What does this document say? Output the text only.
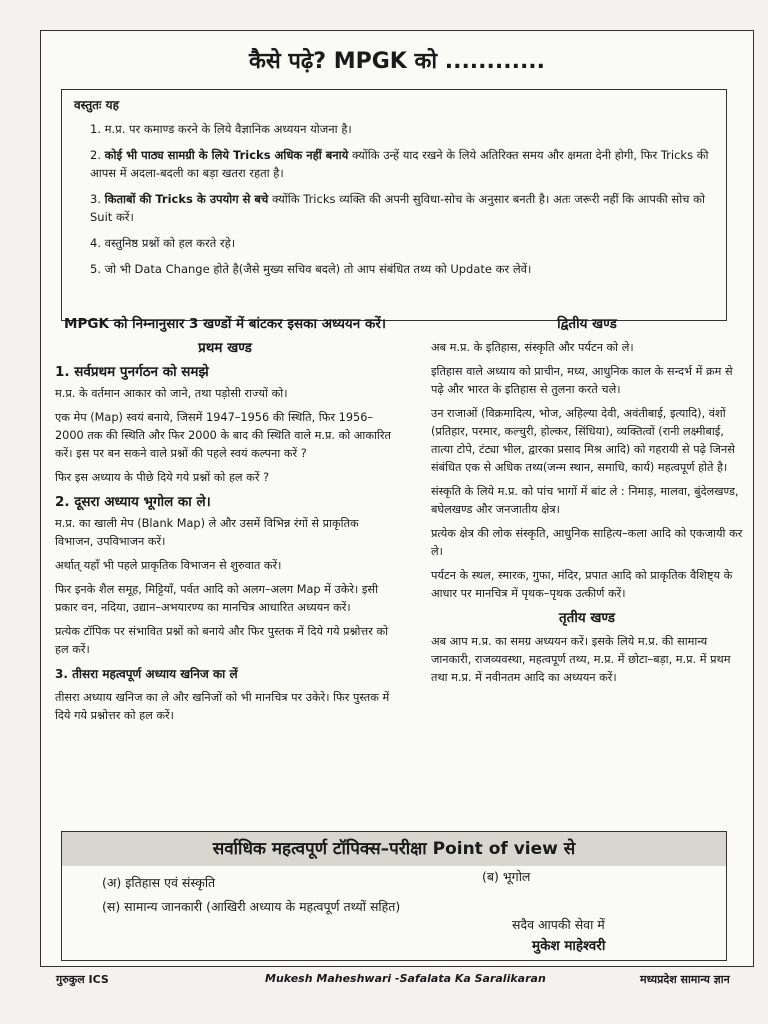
कैसे पढ़े? MPGK को ............
वस्तुतः यह
1. म.प्र. पर कमाण्ड करने के लिये वैज्ञानिक अध्ययन योजना है।
2. कोई भी पाठ्य सामग्री के लिये Tricks अधिक नहीं बनाये क्योंकि उन्हें याद रखने के लिये अतिरिक्त समय और क्षमता देनी होगी, फिर Tricks की आपस में अदला-बदली का बड़ा खतरा रहता है।
3. किताबों की Tricks के उपयोग से बचे क्योंकि Tricks व्यक्ति की अपनी सुविधा-सोच के अनुसार बनती है। अतः जरूरी नहीं कि आपकी सोच को Suit करें।
4. वस्तुनिष्ठ प्रश्नों को हल करते रहे।
5. जो भी Data Change होते है(जैसे मुख्य सचिव बदले) तो आप संबंधित तथ्य को Update कर लेवें।

MPGK को निम्नानुसार 3 खण्डों में बांटकर इसका अध्ययन करें।

प्रथम खण्ड

1. सर्वप्रथम पुनर्गठन को समझे

म.प्र. के वर्तमान आकार को जाने, तथा पड़ोसी राज्यों को।

एक मेप (Map) स्वयं बनाये, जिसमें 1947–1956 की स्थिति, फिर 1956–2000 तक की स्थिति और फिर 2000 के बाद की स्थिति वाले म.प्र. को आकारित करें। इस पर बन सकने वाले प्रश्नों की पहले स्वयं कल्पना करें ?

फिर इस अध्याय के पीछे दिये गये प्रश्नों को हल करें ?

2. दूसरा अध्याय भूगोल का ले।

म.प्र. का खाली मेप (Blank Map) ले और उसमें विभिन्न रंगों से प्राकृतिक विभाजन, उपविभाजन करें।

अर्थात् यहाँ भी पहले प्राकृतिक विभाजन से शुरुवात करें।

फिर इनके शैल समूह, मिट्टियाँ, पर्वत आदि को अलग–अलग Map में उकेरे। इसी प्रकार वन, नदिया, उद्यान–अभयारण्य का मानचित्र आधारित अध्ययन करें।

प्रत्येक टॉपिक पर संभावित प्रश्नों को बनाये और फिर पुस्तक में दिये गये प्रश्नोत्तर को हल करें।

3. तीसरा महत्वपूर्ण अध्याय खनिज का लें

तीसरा अध्याय खनिज का ले और खनिजों को भी मानचित्र पर उकेरे। फिर पुस्तक में दिये गये प्रश्नोत्तर को हल करें।

द्वितीय खण्ड

अब म.प्र. के इतिहास, संस्कृति और पर्यटन को ले।

इतिहास वाले अध्याय को प्राचीन, मध्य, आधुनिक काल के सन्दर्भ में क्रम से पढ़े और भारत के इतिहास से तुलना करते चले।

उन राजाओं (विक्रमादित्य, भोज, अहिल्या देवी, अवंतीबाई, इत्यादि), वंशों (प्रतिहार, परमार, कल्चुरी, होल्कर, सिंधिया), व्यक्तित्वों (रानी लक्ष्मीबाई, तात्या टोपे, टंट्या भील, द्वारका प्रसाद मिश्र आदि) को गहरायी से पढ़े जिनसे संबंधित एक से अधिक तथ्य(जन्म स्थान, समाधि, कार्य) महत्वपूर्ण होते है।

संस्कृति के लिये म.प्र. को पांच भागों में बांट ले : निमाड़, मालवा, बुंदेलखण्ड, बघेलखण्ड और जनजातीय क्षेत्र।

प्रत्येक क्षेत्र की लोक संस्कृति, आधुनिक साहित्य–कला आदि को एकजायी कर ले।

पर्यटन के स्थल, स्मारक, गुफा, मंदिर, प्रपात आदि को प्राकृतिक वैशिष्ट्य के आधार पर मानचित्र में पृथक–पृथक उत्कीर्ण करें।

तृतीय खण्ड

अब आप म.प्र. का समग्र अध्ययन करें। इसके लिये म.प्र. की सामान्य जानकारी, राजव्यवस्था, महत्वपूर्ण तथ्य, म.प्र. में छोटा–बड़ा, म.प्र. में प्रथम तथा म.प्र. में नवीनतम आदि का अध्ययन करें।

सर्वाधिक महत्वपूर्ण टॉपिक्स–परीक्षा Point of view से
(अ) इतिहास एवं संस्कृति	(ब) भूगोल
(स) सामान्य जानकारी (आखिरी अध्याय के महत्वपूर्ण तथ्यों सहित)
सदैव आपकी सेवा में
मुकेश माहेश्वरी
गुरुकुल ICS	Mukesh Maheshwari -Safalata Ka Saralikaran	मध्यप्रदेश सामान्य ज्ञान
